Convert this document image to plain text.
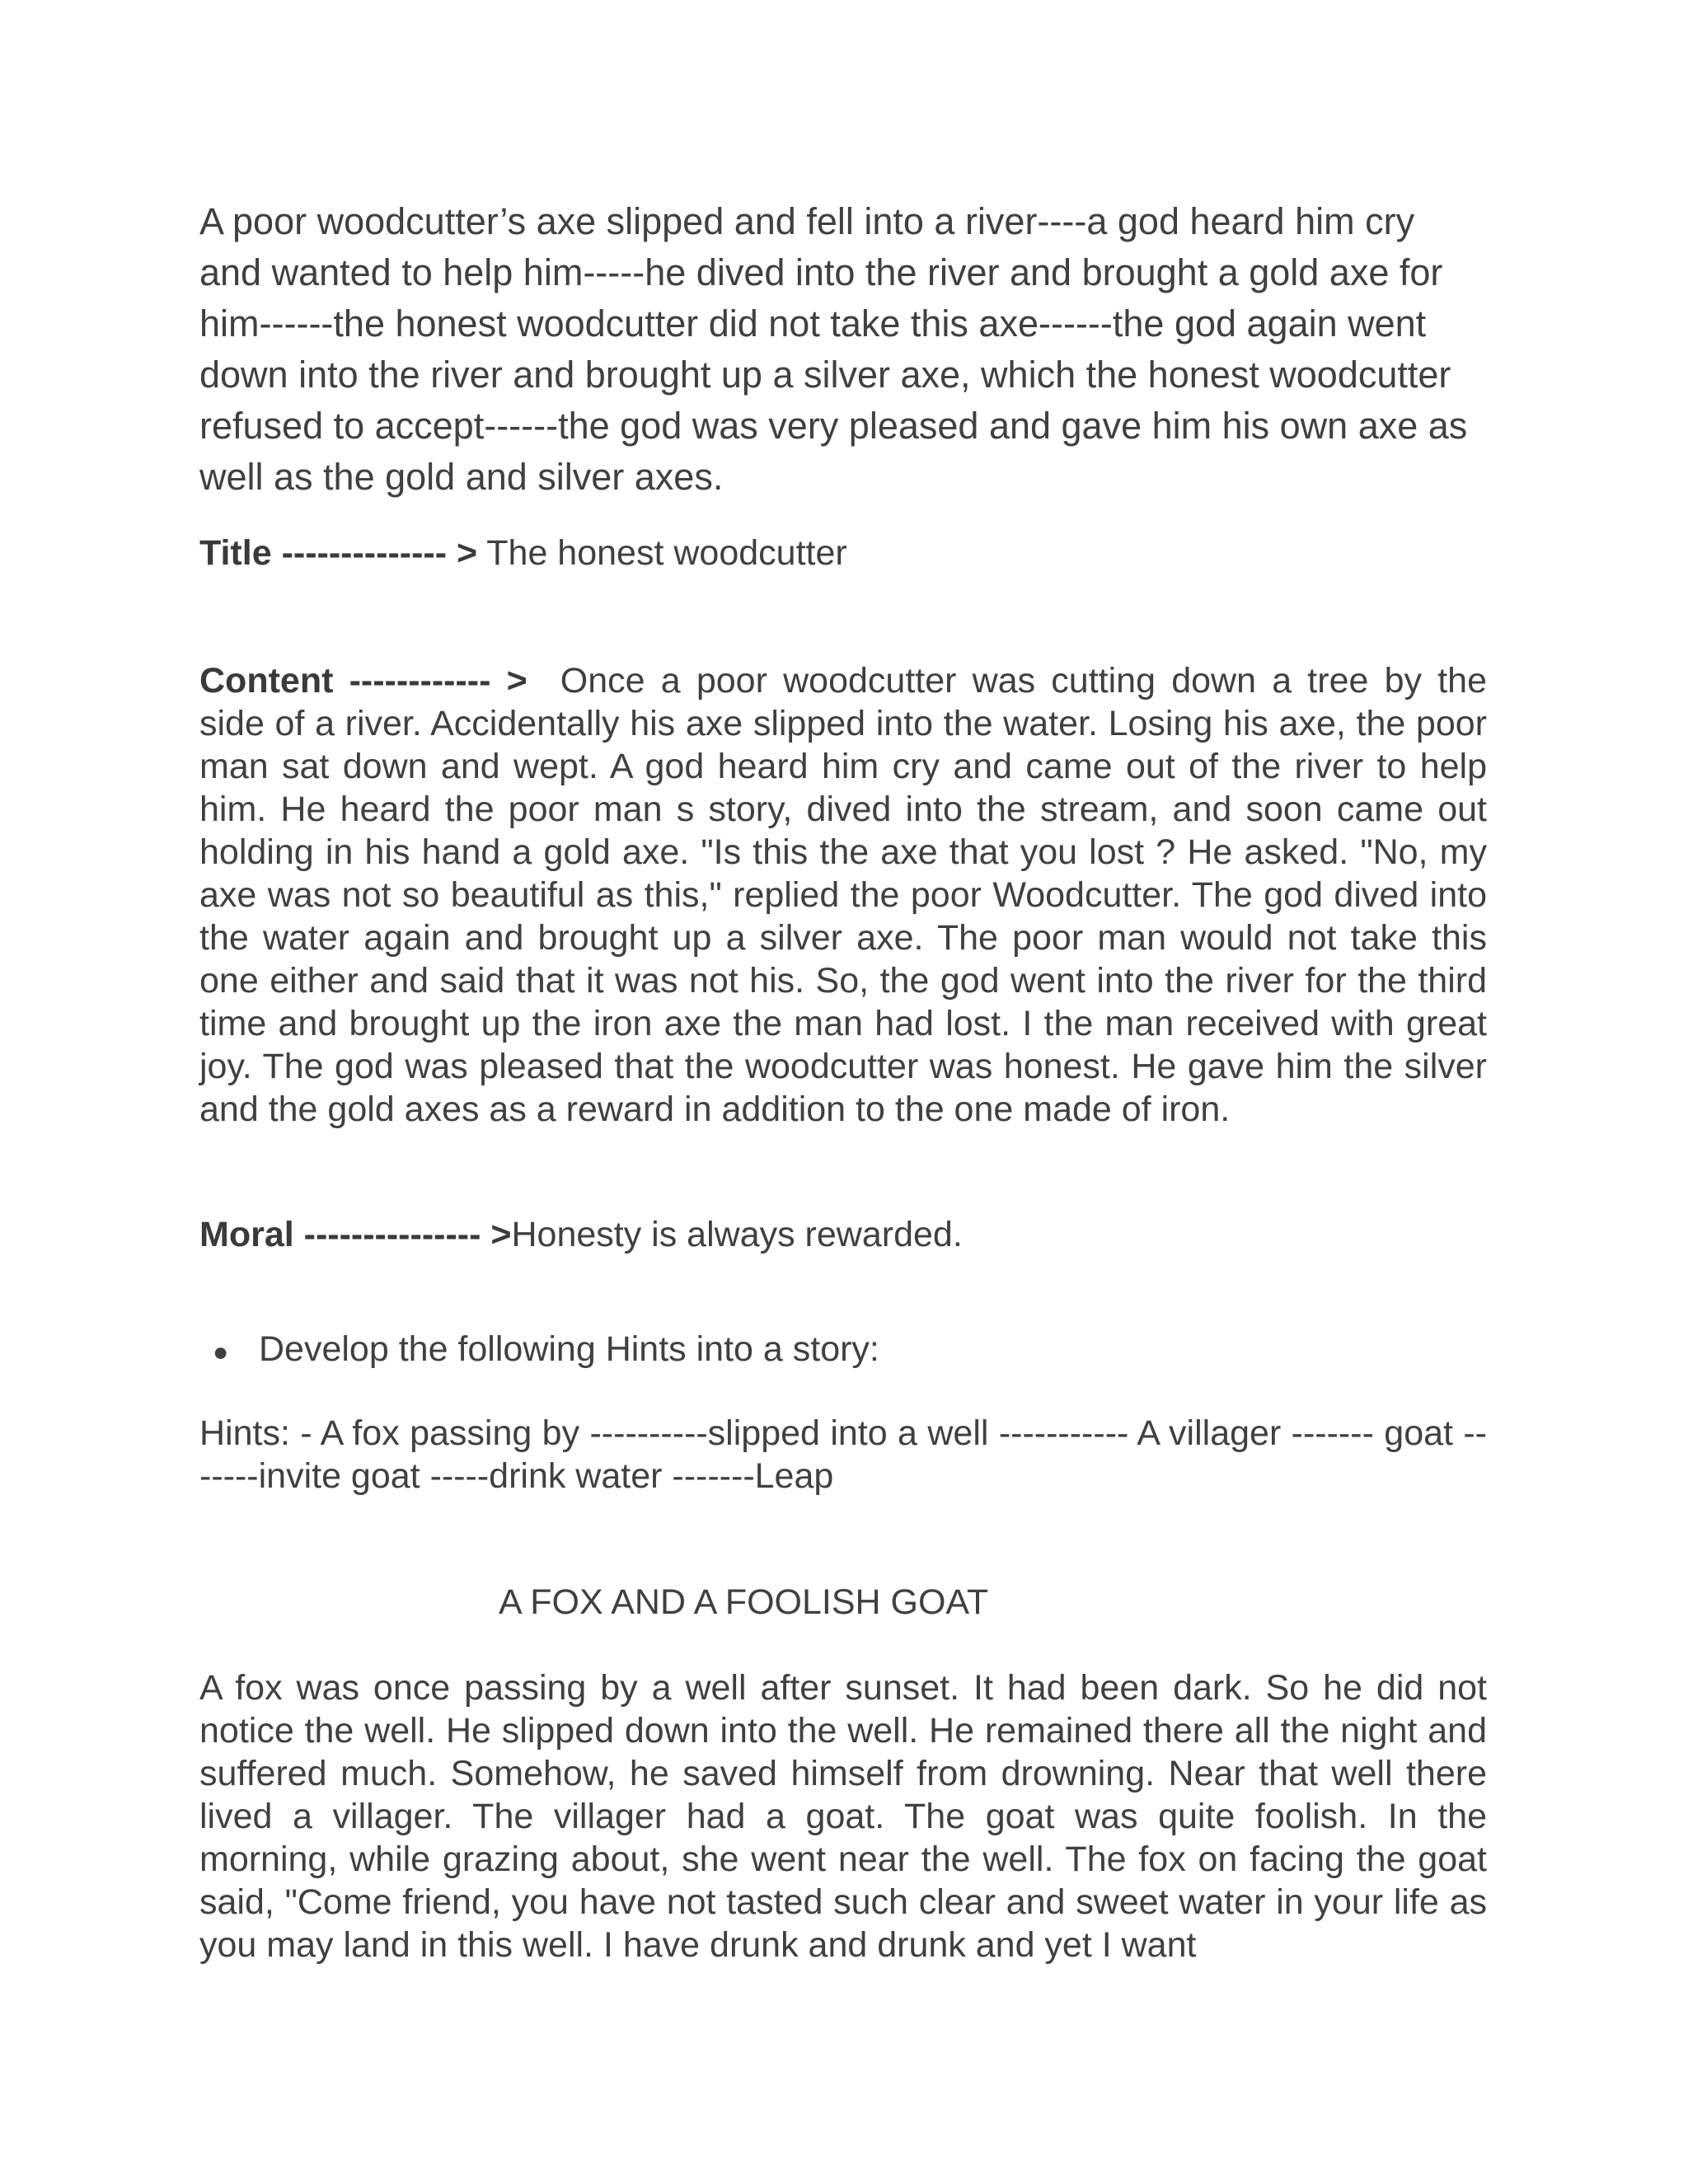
A poor woodcutter’s axe slipped and fell into a river----a god heard him cry and wanted to help him-----he dived into the river and brought a gold axe for him------the honest woodcutter did not take this axe------the god again went down into the river and brought up a silver axe, which the honest woodcutter refused to accept------the god was very pleased and gave him his own axe as well as the gold and silver axes.

Title -------------- > The honest woodcutter
Content ------------ > Once a poor woodcutter was cutting down a tree by the side of a river. Accidentally his axe slipped into the water. Losing his axe, the poor man sat down and wept. A god heard him cry and came out of the river to help him. He heard the poor man s story, dived into the stream, and soon came out holding in his hand a gold axe. "Is this the axe that you lost ? He asked. "No, my axe was not so beautiful as this," replied the poor Woodcutter. The god dived into the water again and brought up a silver axe. The poor man would not take this one either and said that it was not his. So, the god went into the river for the third time and brought up the iron axe the man had lost. I the man received with great joy. The god was pleased that the woodcutter was honest. He gave him the silver and the gold axes as a reward in addition to the one made of iron.
Moral --------------- >Honesty is always rewarded.
● Develop the following Hints into a story:

Hints: - A fox passing by ----------slipped into a well ----------- A villager ------- goat -------invite goat -----drink water -------Leap

A FOX AND A FOOLISH GOAT

A fox was once passing by a well after sunset. It had been dark. So he did not notice the well. He slipped down into the well. He remained there all the night and suffered much. Somehow, he saved himself from drowning. Near that well there lived a villager. The villager had a goat. The goat was quite foolish. In the morning, while grazing about, she went near the well. The fox on facing the goat said, "Come friend, you have not tasted such clear and sweet water in your life as you may land in this well. I have drunk and drunk and yet I want
